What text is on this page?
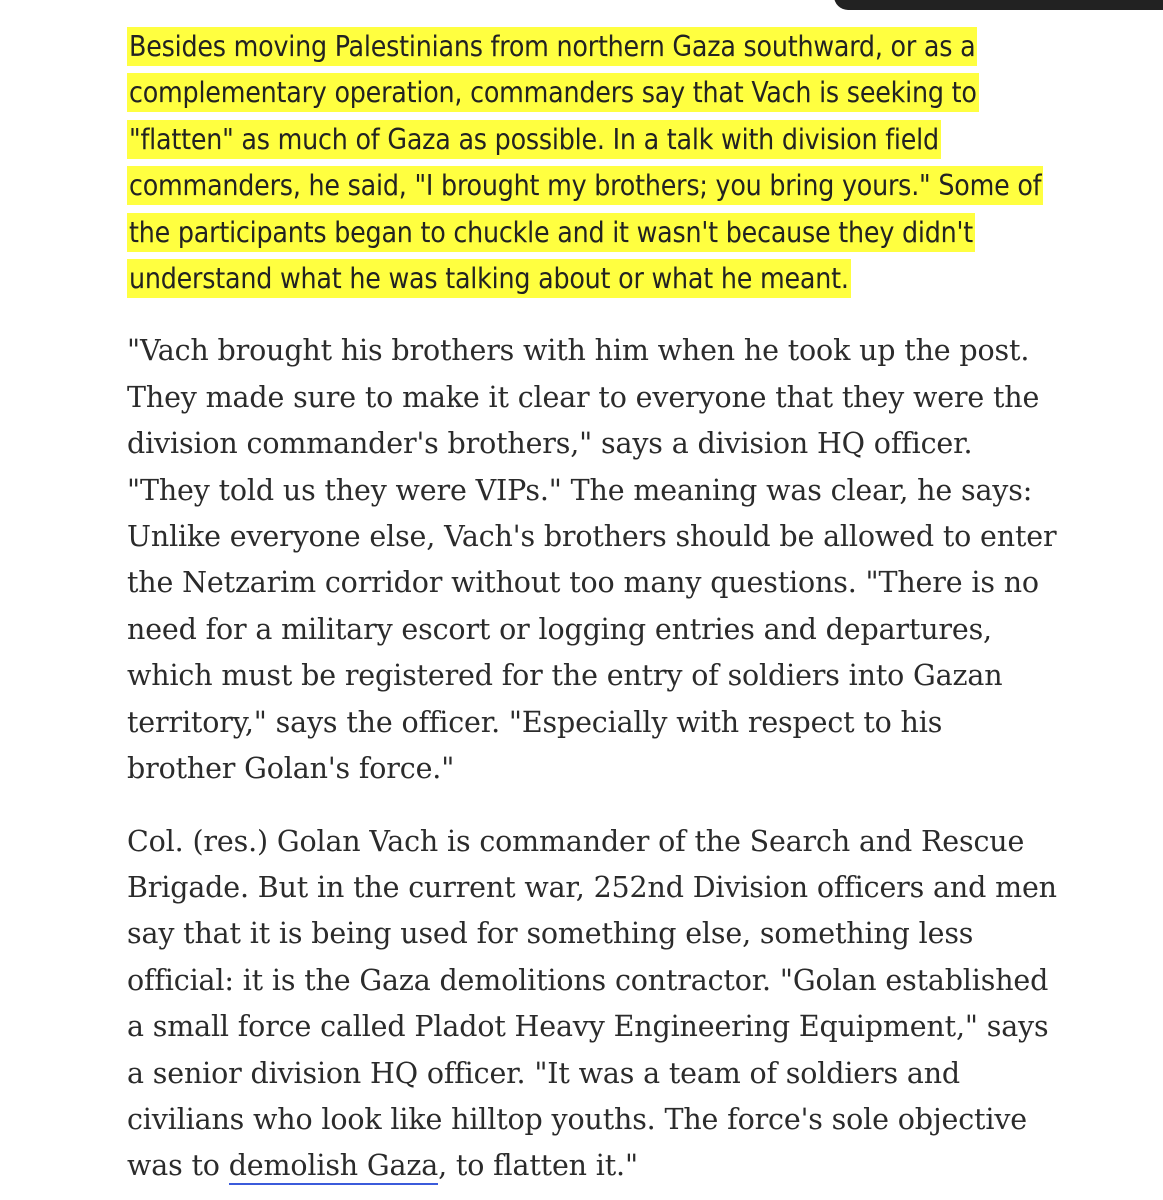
Besides moving Palestinians from northern Gaza southward, or as a complementary operation, commanders say that Vach is seeking to "flatten" as much of Gaza as possible. In a talk with division field commanders, he said, "I brought my brothers; you bring yours." Some of the participants began to chuckle and it wasn't because they didn't understand what he was talking about or what he meant.

"Vach brought his brothers with him when he took up the post. They made sure to make it clear to everyone that they were the division commander's brothers," says a division HQ officer. "They told us they were VIPs." The meaning was clear, he says: Unlike everyone else, Vach's brothers should be allowed to enter the Netzarim corridor without too many questions. "There is no need for a military escort or logging entries and departures, which must be registered for the entry of soldiers into Gazan territory," says the officer. "Especially with respect to his brother Golan's force."

Col. (res.) Golan Vach is commander of the Search and Rescue Brigade. But in the current war, 252nd Division officers and men say that it is being used for something else, something less official: it is the Gaza demolitions contractor. "Golan established a small force called Pladot Heavy Engineering Equipment," says a senior division HQ officer. "It was a team of soldiers and civilians who look like hilltop youths. The force's sole objective was to demolish Gaza, to flatten it."
